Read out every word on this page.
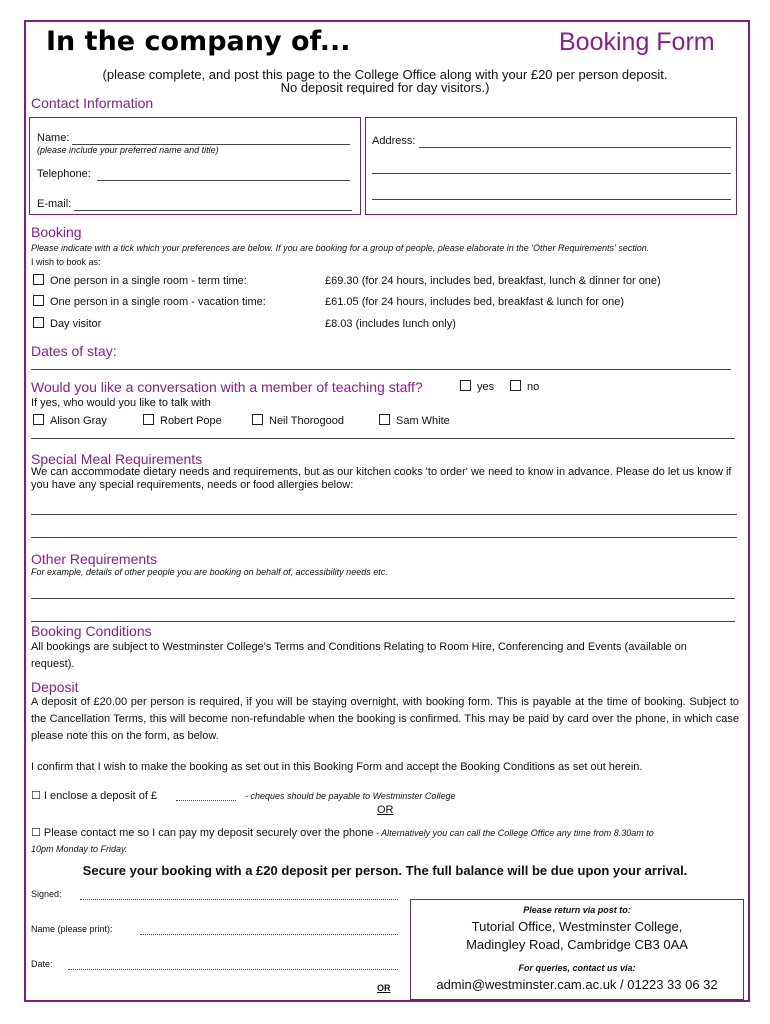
In the company of...	Booking Form
(please complete, and post this page to the College Office along with your £20 per person deposit.
No deposit required for day visitors.)
Contact Information
Name:
(please include your preferred name and title)
Telephone:
E-mail:
Address:
Booking
Please indicate with a tick which your preferences are below. If you are booking for a group of people, please elaborate in the 'Other Requirements' section.
I wish to book as:
One person in a single room - term time:	£69.30 (for 24 hours, includes bed, breakfast, lunch & dinner for one)
One person in a single room - vacation time:	£61.05 (for 24 hours, includes bed, breakfast & lunch for one)
Day visitor	£8.03 (includes lunch only)
Dates of stay:
Would you like a conversation with a member of teaching staff?	yes	no
If yes, who would you like to talk with
Alison Gray	Robert Pope	Neil Thorogood	Sam White
Special Meal Requirements
We can accommodate dietary needs and requirements, but as our kitchen cooks 'to order' we need to know in advance. Please do let us know if you have any special requirements, needs or food allergies below:
Other Requirements
For example, details of other people you are booking on behalf of, accessibility needs etc.
Booking Conditions
All bookings are subject to Westminster College's Terms and Conditions Relating to Room Hire, Conferencing and Events (available on request).
Deposit
A deposit of £20.00 per person is required, if you will be staying overnight, with booking form. This is payable at the time of booking. Subject to the Cancellation Terms, this will become non-refundable when the booking is confirmed. This may be paid by card over the phone, in which case please note this on the form, as below.
I confirm that I wish to make the booking as set out in this Booking Form and accept the Booking Conditions as set out herein.
☐ I enclose a deposit of £	- cheques should be payable to Westminster College
OR
☐ Please contact me so I can pay my deposit securely over the phone - Alternatively you can call the College Office any time from 8.30am to
10pm Monday to Friday.
Secure your booking with a £20 deposit per person. The full balance will be due upon your arrival.
Signed:
Name (please print):
Date:
OR
Please return via post to:
Tutorial Office, Westminster College,
Madingley Road, Cambridge CB3 0AA
For queries, contact us via:
admin@westminster.cam.ac.uk / 01223 33 06 32
